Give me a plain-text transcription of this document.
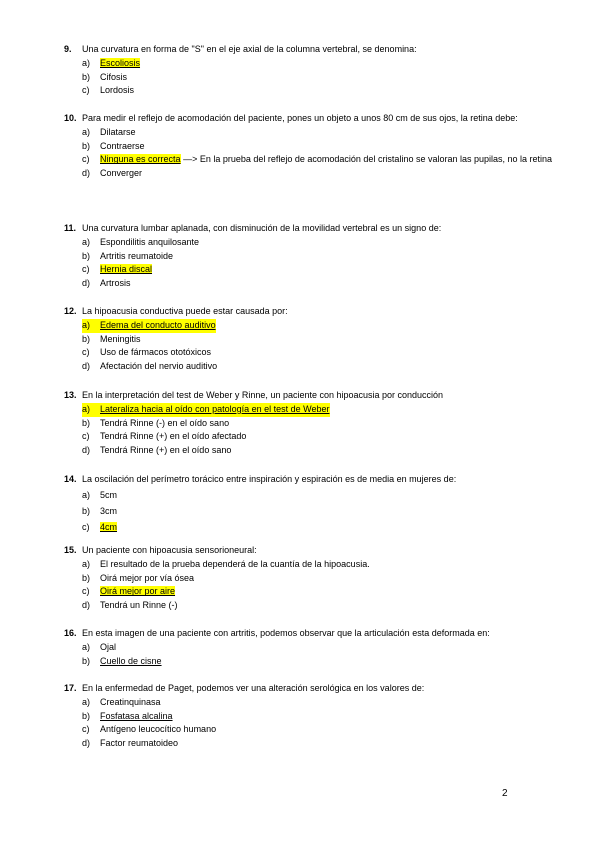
9.	Una curvatura en forma de "S" en el eje axial de la columna vertebral, se denomina:
a)	Escoliosis
b)	Cifosis
c)	Lordosis
10. Para medir el reflejo de acomodación del paciente, pones un objeto a unos 80 cm de sus ojos, la retina debe:
a)	Dilatarse
b)	Contraerse
c)	Ninguna es correcta —> En la prueba del reflejo de acomodación del cristalino se valoran las pupilas, no la retina
d)	Converger
11. Una curvatura lumbar aplanada, con disminución de la movilidad vertebral es un signo de:
a)	Espondilitis anquilosante
b)	Artritis reumatoide
c)	Hernia discal
d)	Artrosis
12. La hipoacusia conductiva puede estar causada por:
a)	Edema del conducto auditivo
b)	Meningitis
c)	Uso de fármacos ototóxicos
d)	Afectación del nervio auditivo
13. En la interpretación del test de Weber y Rinne, un paciente con hipoacusia por conducción
a)	Lateraliza hacia al oído con patología en el test de Weber
b)	Tendrá Rinne (-) en el oído sano
c)	Tendrá Rinne (+) en el oído afectado
d)	Tendrá Rinne (+) en el oído sano
14. La oscilación del perímetro torácico entre inspiración y espiración es de media en mujeres de:
a)	5cm
b)	3cm
c)	4cm
15. Un paciente con hipoacusia sensorioneural:
a)	El resultado de la prueba dependerá de la cuantía de la hipoacusia.
b)	Oirá mejor por vía ósea
c)	Oirá mejor por aire
d)	Tendrá un Rinne (-)
16. En esta imagen de una paciente con artritis, podemos observar que la articulación esta deformada en:
a)	Ojal
b)	Cuello de cisne
17. En la enfermedad de Paget, podemos ver una alteración serológica en los valores de:
a)	Creatinquinasa
b)	Fosfatasa alcalina
c)	Antígeno leucocítico humano
d)	Factor reumatoideo
2
